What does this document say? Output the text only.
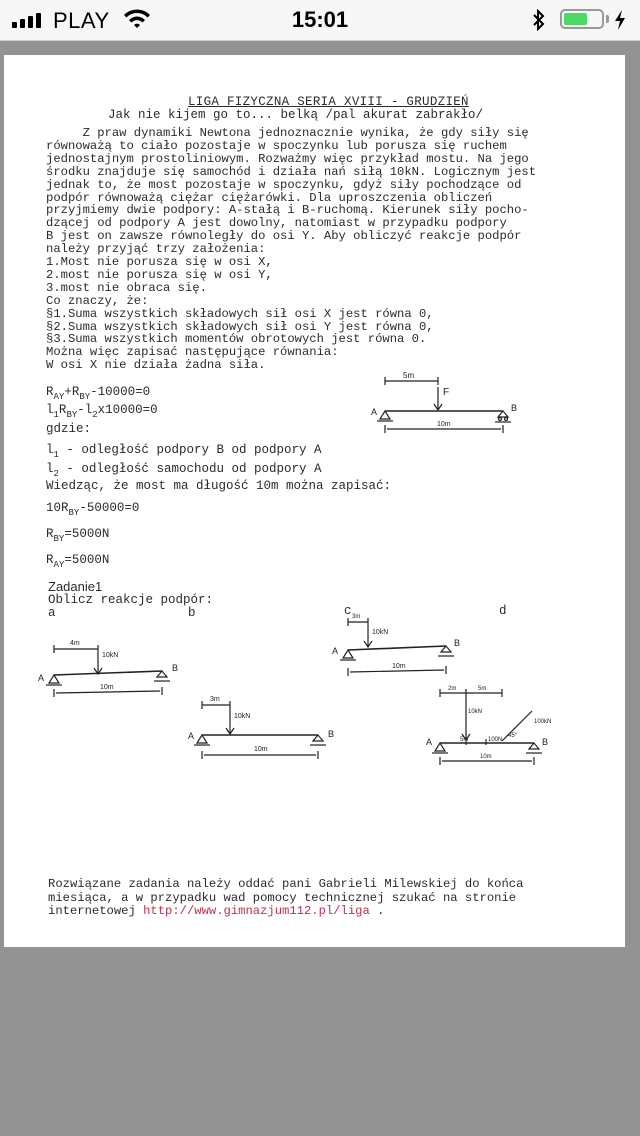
PLAY	15:01
LIGA FIZYCZNA SERIA XVIII - GRUDZIEŃ
Jak nie kijem go to... belką /pal akurat zabrakło/
Z praw dynamiki Newtona jednoznacznie wynika, że gdy siły się
równoważą to ciało pozostaje w spoczynku lub porusza się ruchem
jednostajnym prostoliniowym. Rozważmy więc przykład mostu. Na jego
środku znajduje się samochód i działa nań siłą 10kN. Logicznym jest
jednak to, że most pozostaje w spoczynku, gdyż siły pochodzące od
podpór równoważą ciężar ciężarówki. Dla uproszczenia obliczeń
przyjmiemy dwie podpory: A-stałą i B-ruchomą. Kierunek siły pocho-
dzącej od podpory A jest dowolny, natomiast w przypadku podpory
B jest on zawsze równoległy do osi Y. Aby obliczyć reakcje podpór
należy przyjąć trzy założenia:
1.Most nie porusza się w osi X,
2.most nie porusza się w osi Y,
3.most nie obraca się.
Co znaczy, że:
§1.Suma wszystkich składowych sił osi X jest równa 0,
§2.Suma wszystkich składowych sił osi Y jest równa 0,
§3.Suma wszystkich momentów obrotowych jest równa 0.
Można więc zapisać następujące równania:
W osi X nie działa żadna siła.
$R_{AY}+R_{BY}-10000=0$
$l_1R_{BY}-l_2x10000=0$
gdzie:
$l_1$ - odległość podpory B od podpory A
$l_2$ - odległość samochodu od podpory A
Wiedząc, że most ma długość 10m można zapisać:
$10R_{BY}-50000=0$
$R_{BY}=5000N$
$R_{AY}=5000N$
Zadanie1
Oblicz reakcje podpór:
a	b	c	d
5m
F
A	B
10m
4m
10kN
A
B
10m
3m
10kN
A	B
10m
3m
10kN
A
B
10m
2m	5m
10kN
100kN
45°
A	B
5m	100N
10m
Rozwiązane zadania należy oddać pani Gabrieli Milewskiej do końca
miesiąca, a w przypadku wad pomocy technicznej szukać na stronie
internetowej http://www.gimnazjum112.pl/liga .
